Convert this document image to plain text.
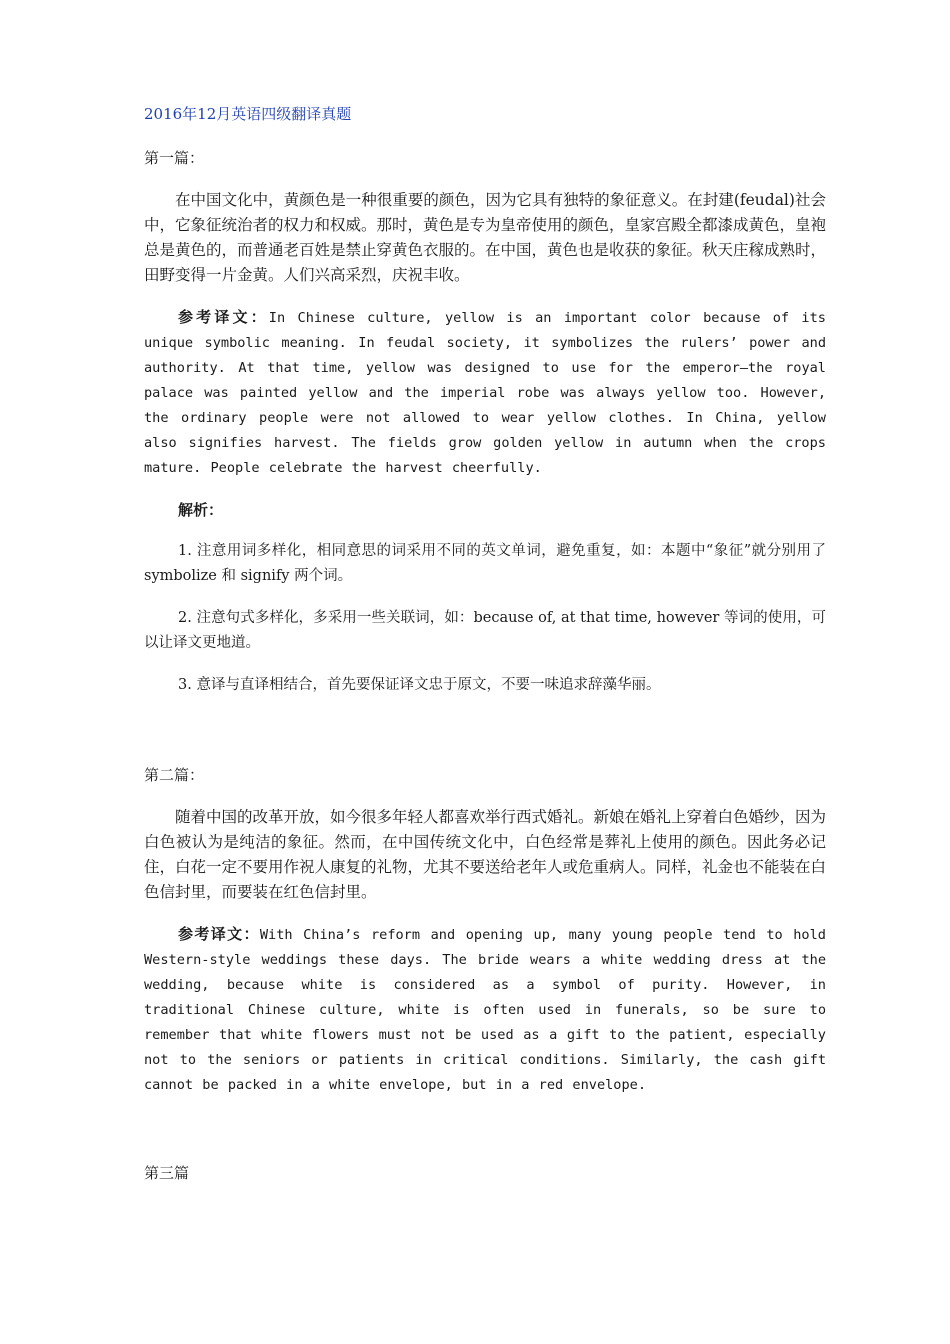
2016年12月英语四级翻译真题
第一篇：

在中国文化中，黄颜色是一种很重要的颜色，因为它具有独特的象征意义。在封建(feudal)社会中，它象征统治者的权力和权威。那时，黄色是专为皇帝使用的颜色，皇家宫殿全都漆成黄色，皇袍总是黄色的，而普通老百姓是禁止穿黄色衣服的。在中国，黄色也是收获的象征。秋天庄稼成熟时，田野变得一片金黄。人们兴高采烈，庆祝丰收。

参考译文：In Chinese culture, yellow is an important color because of its unique symbolic meaning. In feudal society, it symbolizes the rulers’ power and authority. At that time, yellow was designed to use for the emperor—the royal palace was painted yellow and the imperial robe was always yellow too. However, the ordinary people were not allowed to wear yellow clothes. In China, yellow also signifies harvest. The fields grow golden yellow in autumn when the crops mature. People celebrate the harvest cheerfully.

解析：

1. 注意用词多样化，相同意思的词采用不同的英文单词，避免重复，如：本题中“象征”就分别用了 symbolize 和 signify 两个词。

2. 注意句式多样化，多采用一些关联词，如：because of, at that time, however 等词的使用，可以让译文更地道。

3. 意译与直译相结合，首先要保证译文忠于原文，不要一味追求辞藻华丽。

第二篇：

随着中国的改革开放，如今很多年轻人都喜欢举行西式婚礼。新娘在婚礼上穿着白色婚纱，因为白色被认为是纯洁的象征。然而，在中国传统文化中，白色经常是葬礼上使用的颜色。因此务必记住，白花一定不要用作祝人康复的礼物，尤其不要送给老年人或危重病人。同样，礼金也不能装在白色信封里，而要装在红色信封里。

参考译文：With China’s reform and opening up, many young people tend to hold Western-style weddings these days. The bride wears a white wedding dress at the wedding, because white is considered as a symbol of purity. However, in traditional Chinese culture, white is often used in funerals, so be sure to remember that white flowers must not be used as a gift to the patient, especially not to the seniors or patients in critical conditions. Similarly, the cash gift cannot be packed in a white envelope, but in a red envelope.

第三篇
